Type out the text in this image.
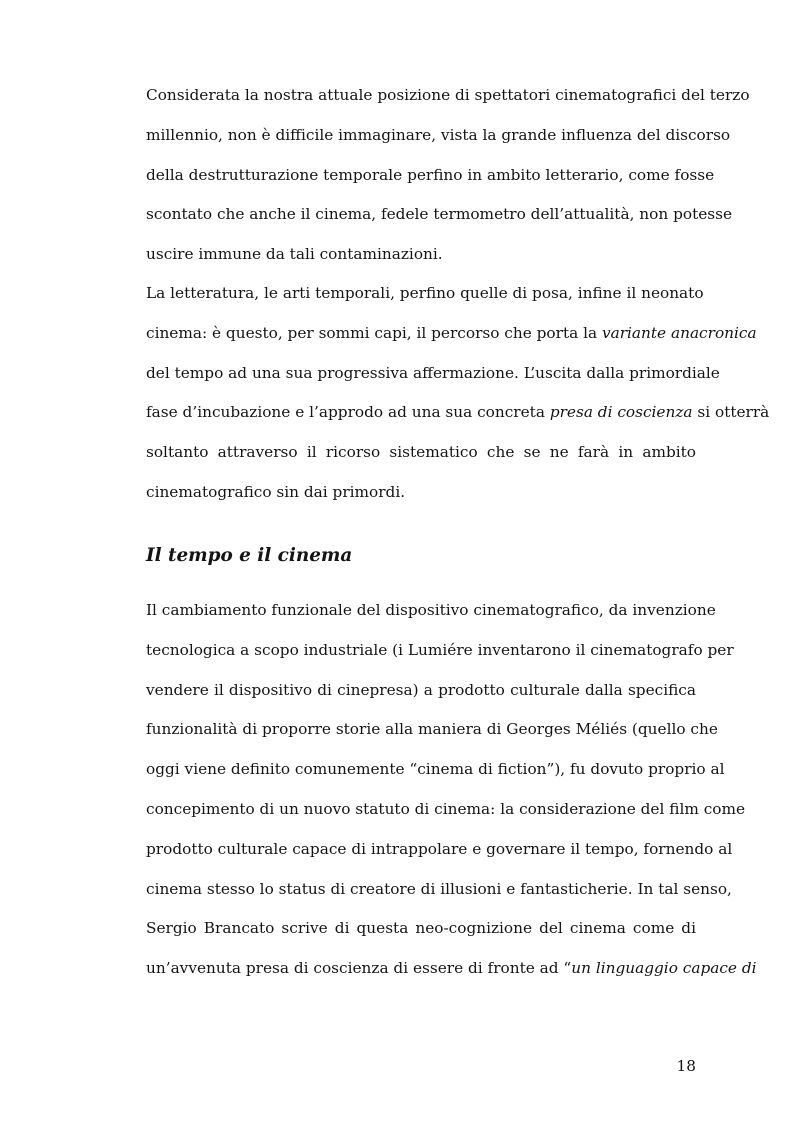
Considerata la nostra attuale posizione di spettatori cinematografici del terzo
millennio, non è difficile immaginare, vista la grande influenza del discorso
della destrutturazione temporale perfino in ambito letterario, come fosse
scontato che anche il cinema, fedele termometro dell’attualità, non potesse
uscire immune da tali contaminazioni.
La letteratura, le arti temporali, perfino quelle di posa, infine il neonato
cinema: è questo, per sommi capi, il percorso che porta la variante anacronica
del tempo ad una sua progressiva affermazione. L’uscita dalla primordiale
fase d’incubazione e l’approdo ad una sua concreta presa di coscienza si otterrà
soltanto attraverso il ricorso sistematico che se ne farà in ambito
cinematografico sin dai primordi.
Il tempo e il cinema
Il cambiamento funzionale del dispositivo cinematografico, da invenzione
tecnologica a scopo industriale (i Lumiére inventarono il cinematografo per
vendere il dispositivo di cinepresa) a prodotto culturale dalla specifica
funzionalità di proporre storie alla maniera di Georges Méliés (quello che
oggi viene definito comunemente “cinema di fiction”), fu dovuto proprio al
concepimento di un nuovo statuto di cinema: la considerazione del film come
prodotto culturale capace di intrappolare e governare il tempo, fornendo al
cinema stesso lo status di creatore di illusioni e fantasticherie. In tal senso,
Sergio Brancato scrive di questa neo-cognizione del cinema come di
un’avvenuta presa di coscienza di essere di fronte ad “un linguaggio capace di
18
